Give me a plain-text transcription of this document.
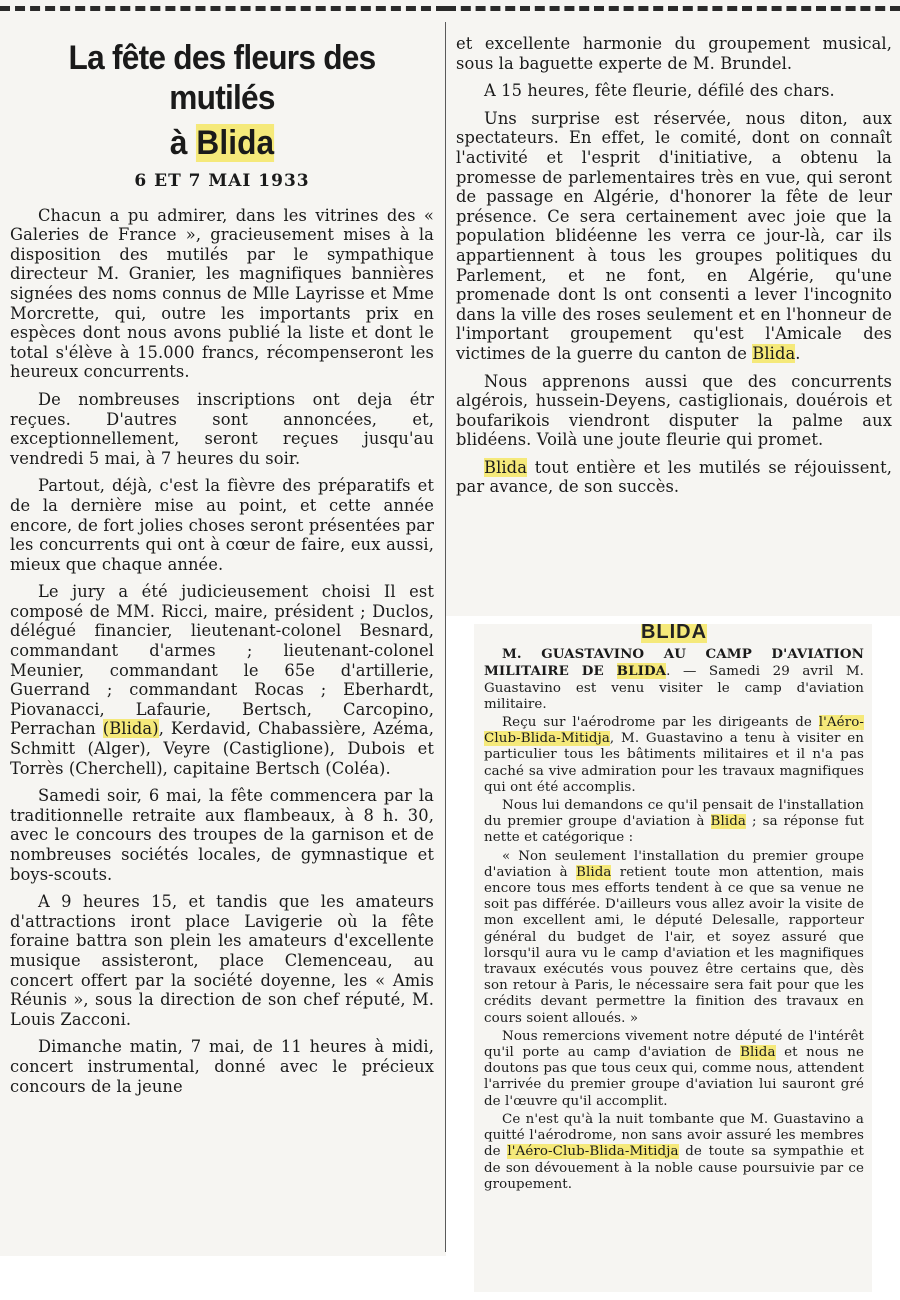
La fête des fleurs des mutilés
à Blida
6 ET 7 MAI 1933

Chacun a pu admirer, dans les vitrines des « Galeries de France », gracieusement mises à la disposition des mutilés par le sympathique directeur M. Granier, les magnifiques bannières signées des noms connus de Mlle Layrisse et Mme Morcrette, qui, outre les importants prix en espèces dont nous avons publié la liste et dont le total s'élève à 15.000 francs, récompenseront les heureux concurrents.

De nombreuses inscriptions ont deja étr reçues. D'autres sont annoncées, et, exceptionnellement, seront reçues jusqu'au vendredi 5 mai, à 7 heures du soir.

Partout, déjà, c'est la fièvre des préparatifs et de la dernière mise au point, et cette année encore, de fort jolies choses seront présentées par les concurrents qui ont à cœur de faire, eux aussi, mieux que chaque année.

Le jury a été judicieusement choisi Il est composé de MM. Ricci, maire, président ; Duclos, délégué financier, lieutenant-colonel Besnard, commandant d'armes ; lieutenant-colonel Meunier, commandant le 65e d'artillerie, Guerrand ; commandant Rocas ; Eberhardt, Piovanacci, Lafaurie, Bertsch, Carcopino, Perrachan (Blida), Kerdavid, Chabassière, Azéma, Schmitt (Alger), Veyre (Castiglione), Dubois et Torrès (Cherchell), capitaine Bertsch (Coléa).

Samedi soir, 6 mai, la fête commencera par la traditionnelle retraite aux flambeaux, à 8 h. 30, avec le concours des troupes de la garnison et de nombreuses sociétés locales, de gymnastique et boys-scouts.

A 9 heures 15, et tandis que les amateurs d'attractions iront place Lavigerie où la fête foraine battra son plein les amateurs d'excellente musique assisteront, place Clemenceau, au concert offert par la société doyenne, les « Amis Réunis », sous la direction de son chef réputé, M. Louis Zacconi.

Dimanche matin, 7 mai, de 11 heures à midi, concert instrumental, donné avec le précieux concours de la jeune

et excellente harmonie du groupement musical, sous la baguette experte de M. Brundel.

A 15 heures, fête fleurie, défilé des chars.

Uns surprise est réservée, nous diton, aux spectateurs. En effet, le comité, dont on connaît l'activité et l'esprit d'initiative, a obtenu la promesse de parlementaires très en vue, qui seront de passage en Algérie, d'honorer la fête de leur présence. Ce sera certainement avec joie que la population blidéenne les verra ce jour-là, car ils appartiennent à tous les groupes politiques du Parlement, et ne font, en Algérie, qu'une promenade dont ls ont consenti a lever l'incognito dans la ville des roses seulement et en l'honneur de l'important groupement qu'est l'Amicale des victimes de la guerre du canton de Blida.

Nous apprenons aussi que des concurrents algérois, hussein-Deyens, castiglionais, douérois et boufarikois viendront disputer la palme aux blidéens. Voilà une joute fleurie qui promet.

Blida tout entière et les mutilés se réjouissent, par avance, de son succès.

BLIDA

M. GUASTAVINO AU CAMP D'AVIATION MILITAIRE DE BLIDA. — Samedi 29 avril M. Guastavino est venu visiter le camp d'aviation militaire.

Reçu sur l'aérodrome par les dirigeants de l'Aéro-Club-Blida-Mitidja, M. Guastavino a tenu à visiter en particulier tous les bâtiments militaires et il n'a pas caché sa vive admiration pour les travaux magnifiques qui ont été accomplis.

Nous lui demandons ce qu'il pensait de l'installation du premier groupe d'aviation à Blida ; sa réponse fut nette et catégorique :

« Non seulement l'installation du premier groupe d'aviation à Blida retient toute mon attention, mais encore tous mes efforts tendent à ce que sa venue ne soit pas différée. D'ailleurs vous allez avoir la visite de mon excellent ami, le député Delesalle, rapporteur général du budget de l'air, et soyez assuré que lorsqu'il aura vu le camp d'aviation et les magnifiques travaux exécutés vous pouvez être certains que, dès son retour à Paris, le nécessaire sera fait pour que les crédits devant permettre la finition des travaux en cours soient alloués. »

Nous remercions vivement notre député de l'intérêt qu'il porte au camp d'aviation de Blida et nous ne doutons pas que tous ceux qui, comme nous, attendent l'arrivée du premier groupe d'aviation lui sauront gré de l'œuvre qu'il accomplit.

Ce n'est qu'à la nuit tombante que M. Guastavino a quitté l'aérodrome, non sans avoir assuré les membres de l'Aéro-Club-Blida-Mitidja de toute sa sympathie et de son dévouement à la noble cause poursuivie par ce groupement.
